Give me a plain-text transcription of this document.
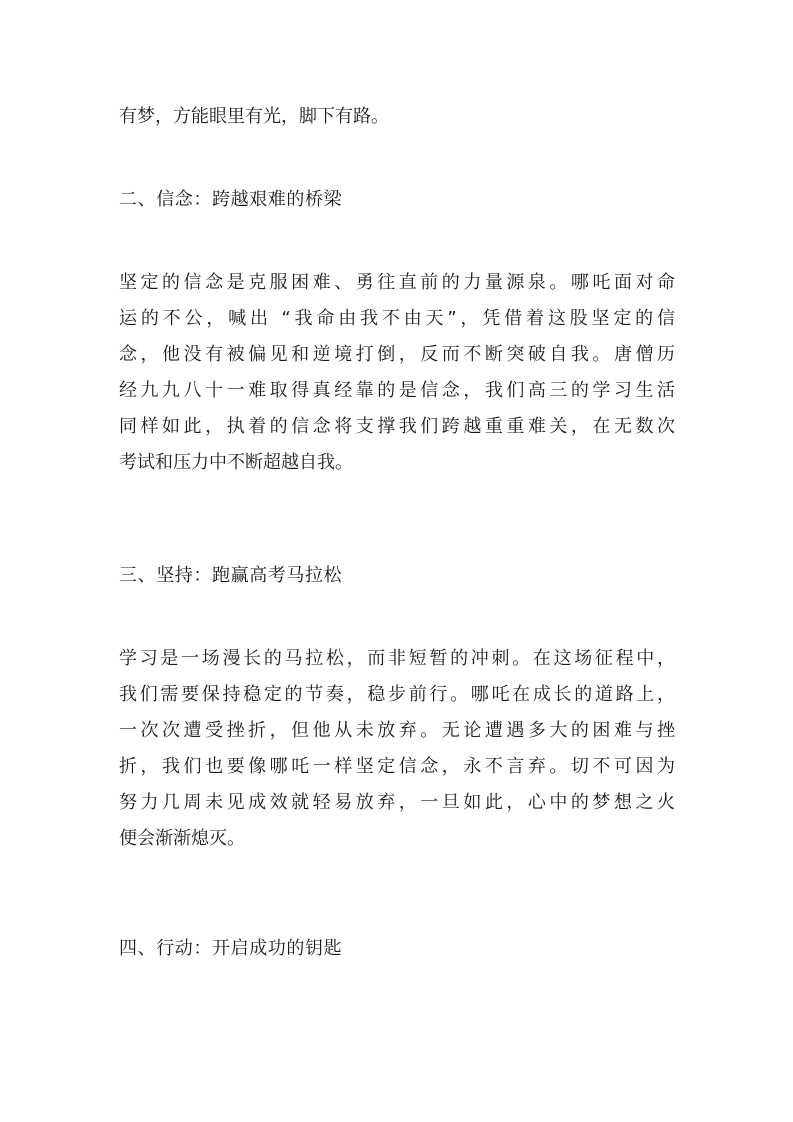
有梦，方能眼里有光，脚下有路。
二、信念：跨越艰难的桥梁
坚定的信念是克服困难、勇往直前的力量源泉。哪吒面对命
运的不公，喊出 “我命由我不由天”，凭借着这股坚定的信
念，他没有被偏见和逆境打倒，反而不断突破自我。唐僧历
经九九八十一难取得真经靠的是信念，我们高三的学习生活
同样如此，执着的信念将支撑我们跨越重重难关，在无数次
考试和压力中不断超越自我。
三、坚持：跑赢高考马拉松
学习是一场漫长的马拉松，而非短暂的冲刺。在这场征程中，
我们需要保持稳定的节奏，稳步前行。哪吒在成长的道路上，
一次次遭受挫折，但他从未放弃。无论遭遇多大的困难与挫
折，我们也要像哪吒一样坚定信念，永不言弃。切不可因为
努力几周未见成效就轻易放弃，一旦如此，心中的梦想之火
便会渐渐熄灭。
四、行动：开启成功的钥匙
